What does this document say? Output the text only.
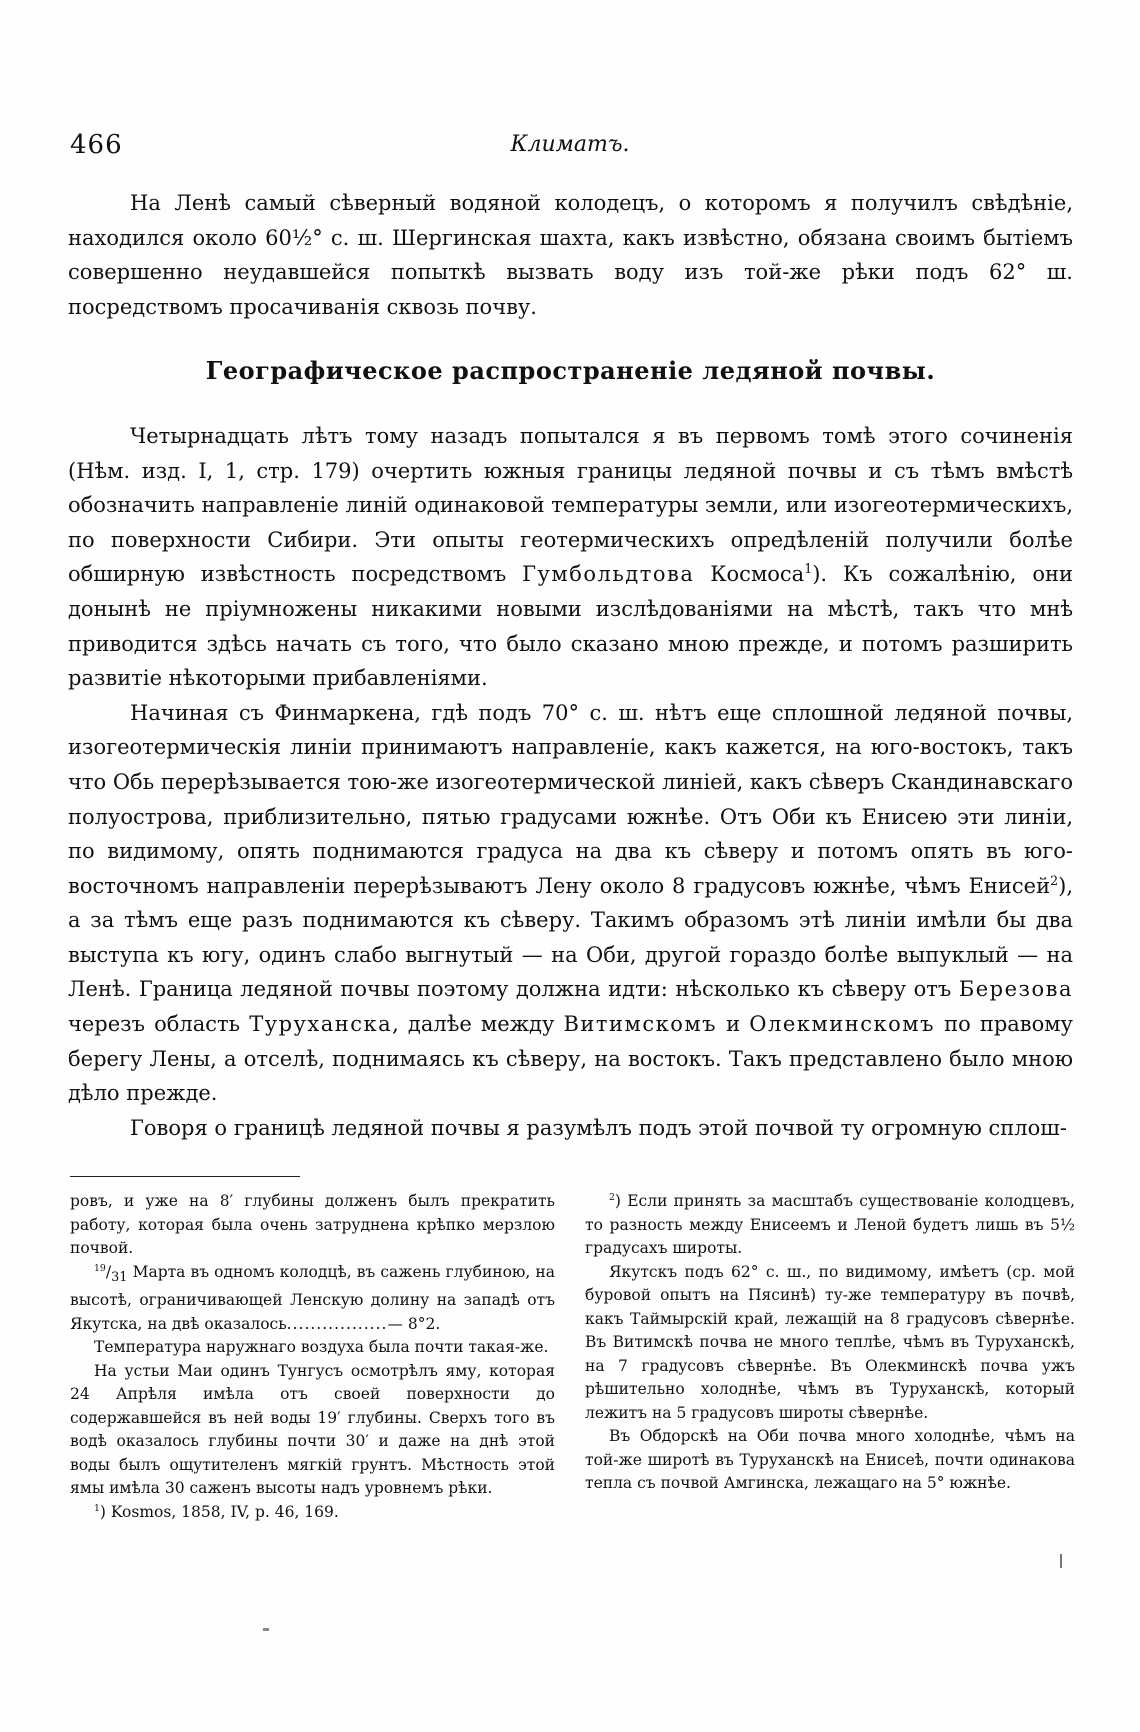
466	Климатъ.

На Ленѣ самый сѣверный водяной колодецъ, о которомъ я получилъ свѣдѣніе, находился около 60½° с. ш. Шергинская шахта, какъ извѣстно, обязана своимъ бытіемъ совершенно неудавшейся попыткѣ вызвать воду изъ той-же рѣки подъ 62° ш. посредствомъ просачиванія сквозь почву.

Географическое распространеніе ледяной почвы.

Четырнадцать лѣтъ тому назадъ попытался я въ первомъ томѣ этого сочиненія (Нѣм. изд. I, 1, стр. 179) очертить южныя границы ледяной почвы и съ тѣмъ вмѣстѣ обозначить направленіе линій одинаковой температуры земли, или изогеотермическихъ, по поверхности Сибири. Эти опыты геотермическихъ опредѣленій получили болѣе обширную извѣстность посредствомъ Гумбольдтова Космоса$^1$). Къ сожалѣнію, они донынѣ не пріумножены никакими новыми изслѣдованіями на мѣстѣ, такъ что мнѣ приводится здѣсь начать съ того, что было сказано мною прежде, и потомъ разширить развитіе нѣкоторыми прибавленіями.

Начиная съ Финмаркена, гдѣ подъ 70° с. ш. нѣтъ еще сплошной ледяной почвы, изогеотермическія линіи принимаютъ направленіе, какъ кажется, на юго-востокъ, такъ что Обь перерѣзывается тою-же изогеотермической линіей, какъ сѣверъ Скандинавскаго полуострова, приблизительно, пятью градусами южнѣе. Отъ Оби къ Енисею эти линіи, по видимому, опять поднимаются градуса на два къ сѣверу и потомъ опять въ юго-восточномъ направленіи перерѣзываютъ Лену около 8 градусовъ южнѣе, чѣмъ Енисей$^2$), а за тѣмъ еще разъ поднимаются къ сѣверу. Такимъ образомъ этѣ линіи имѣли бы два выступа къ югу, одинъ слабо выгнутый — на Оби, другой гораздо болѣе выпуклый — на Ленѣ. Граница ледяной почвы поэтому должна идти: нѣсколько къ сѣверу отъ Березова черезъ область Туруханска, далѣе между Витимскомъ и Олекминскомъ по правому берегу Лены, а отселѣ, поднимаясь къ сѣверу, на востокъ. Такъ представлено было мною дѣло прежде.

Говоря о границѣ ледяной почвы я разумѣлъ подъ этой почвой ту огромную сплош-

ровъ, и уже на 8′ глубины долженъ былъ прекратить работу, которая была очень затруднена крѣпко мерзлою почвой.

$^{19}/_{31}$ Марта въ одномъ колодцѣ, въ сажень глубиною, на высотѣ, ограничивающей Ленскую долину на западѣ отъ Якутска, на двѣ оказалось.................— 8°2.

Температура наружнаго воздуха была почти такая-же.

На устьи Маи одинъ Тунгусъ осмотрѣлъ яму, которая 24 Апрѣля имѣла отъ своей поверхности до содержавшейся въ ней воды 19′ глубины. Сверхъ того въ водѣ оказалось глубины почти 30′ и даже на днѣ этой воды былъ ощутителенъ мягкій грунтъ. Мѣстность этой ямы имѣла 30 саженъ высоты надъ уровнемъ рѣки.

$^1$) Kosmos, 1858, IV, p. 46, 169.

$^2$) Если принять за масштабъ существованіе колодцевъ, то разность между Енисеемъ и Леной будетъ лишь въ 5½ градусахъ широты.

Якутскъ подъ 62° с. ш., по видимому, имѣетъ (ср. мой буровой опытъ на Пясинѣ) ту-же температуру въ почвѣ, какъ Таймырскій край, лежащій на 8 градусовъ сѣвернѣе. Въ Витимскѣ почва не много теплѣе, чѣмъ въ Туруханскѣ, на 7 градусовъ сѣвернѣе. Въ Олекминскѣ почва ужъ рѣшительно холоднѣе, чѣмъ въ Туруханскѣ, который лежитъ на 5 градусовъ широты сѣвернѣе.

Въ Обдорскѣ на Оби почва много холоднѣе, чѣмъ на той-же широтѣ въ Туруханскѣ на Енисеѣ, почти одинакова тепла съ почвой Амгинска, лежащаго на 5° южнѣе.
